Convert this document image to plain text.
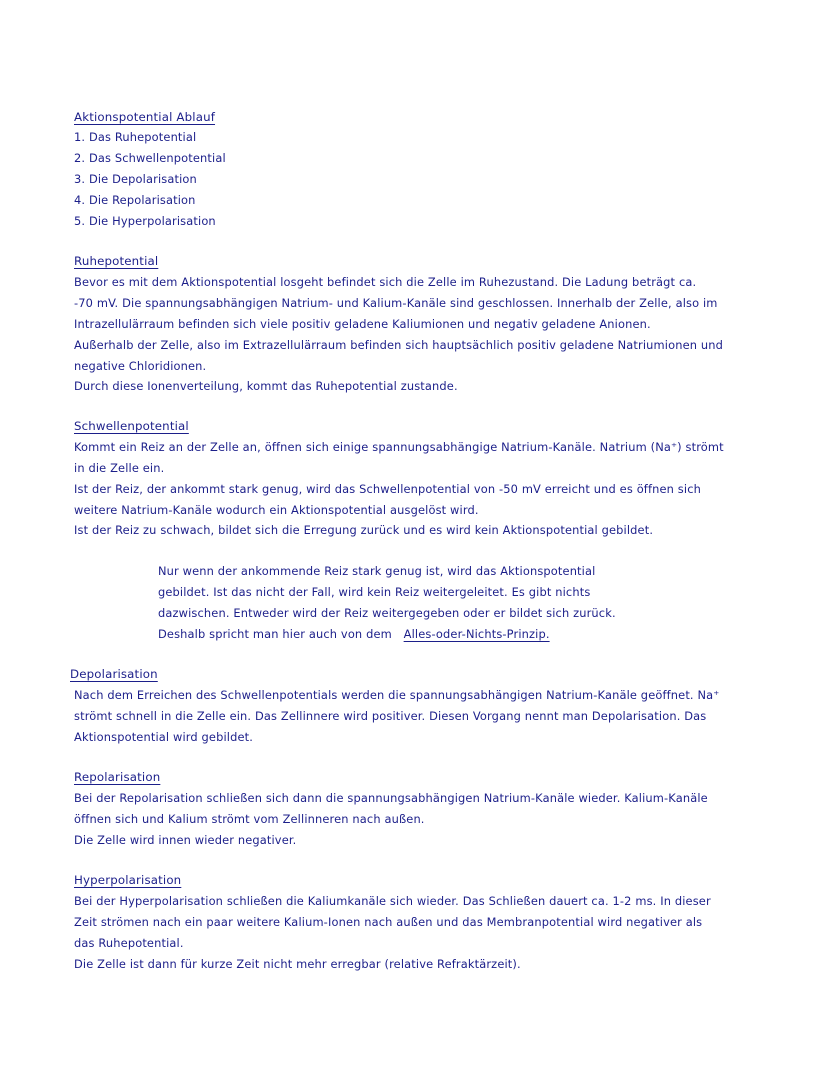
Aktionspotential Ablauf
1. Das Ruhepotential
2. Das Schwellenpotential
3. Die Depolarisation
4. Die Repolarisation
5. Die Hyperpolarisation
Ruhepotential
Bevor es mit dem Aktionspotential losgeht befindet sich die Zelle im Ruhezustand. Die Ladung beträgt ca.
-70 mV. Die spannungsabhängigen Natrium- und Kalium-Kanäle sind geschlossen. Innerhalb der Zelle, also im
Intrazellulärraum befinden sich viele positiv geladene Kaliumionen und negativ geladene Anionen.
Außerhalb der Zelle, also im Extrazellulärraum befinden sich hauptsächlich positiv geladene Natriumionen und
negative Chloridionen.
Durch diese Ionenverteilung, kommt das Ruhepotential zustande.
Schwellenpotential
Kommt ein Reiz an der Zelle an, öffnen sich einige spannungsabhängige Natrium-Kanäle. Natrium (Na⁺) strömt
in die Zelle ein.
Ist der Reiz, der ankommt stark genug, wird das Schwellenpotential von -50 mV erreicht und es öffnen sich
weitere Natrium-Kanäle wodurch ein Aktionspotential ausgelöst wird.
Ist der Reiz zu schwach, bildet sich die Erregung zurück und es wird kein Aktionspotential gebildet.
Nur wenn der ankommende Reiz stark genug ist, wird das Aktionspotential
gebildet. Ist das nicht der Fall, wird kein Reiz weitergeleitet. Es gibt nichts
dazwischen. Entweder wird der Reiz weitergegeben oder er bildet sich zurück.
Deshalb spricht man hier auch von dem Alles-oder-Nichts-Prinzip.
Depolarisation
Nach dem Erreichen des Schwellenpotentials werden die spannungsabhängigen Natrium-Kanäle geöffnet. Na⁺
strömt schnell in die Zelle ein. Das Zellinnere wird positiver. Diesen Vorgang nennt man Depolarisation. Das
Aktionspotential wird gebildet.
Repolarisation
Bei der Repolarisation schließen sich dann die spannungsabhängigen Natrium-Kanäle wieder. Kalium-Kanäle
öffnen sich und Kalium strömt vom Zellinneren nach außen.
Die Zelle wird innen wieder negativer.
Hyperpolarisation
Bei der Hyperpolarisation schließen die Kaliumkanäle sich wieder. Das Schließen dauert ca. 1-2 ms. In dieser
Zeit strömen nach ein paar weitere Kalium-Ionen nach außen und das Membranpotential wird negativer als
das Ruhepotential.
Die Zelle ist dann für kurze Zeit nicht mehr erregbar (relative Refraktärzeit).
